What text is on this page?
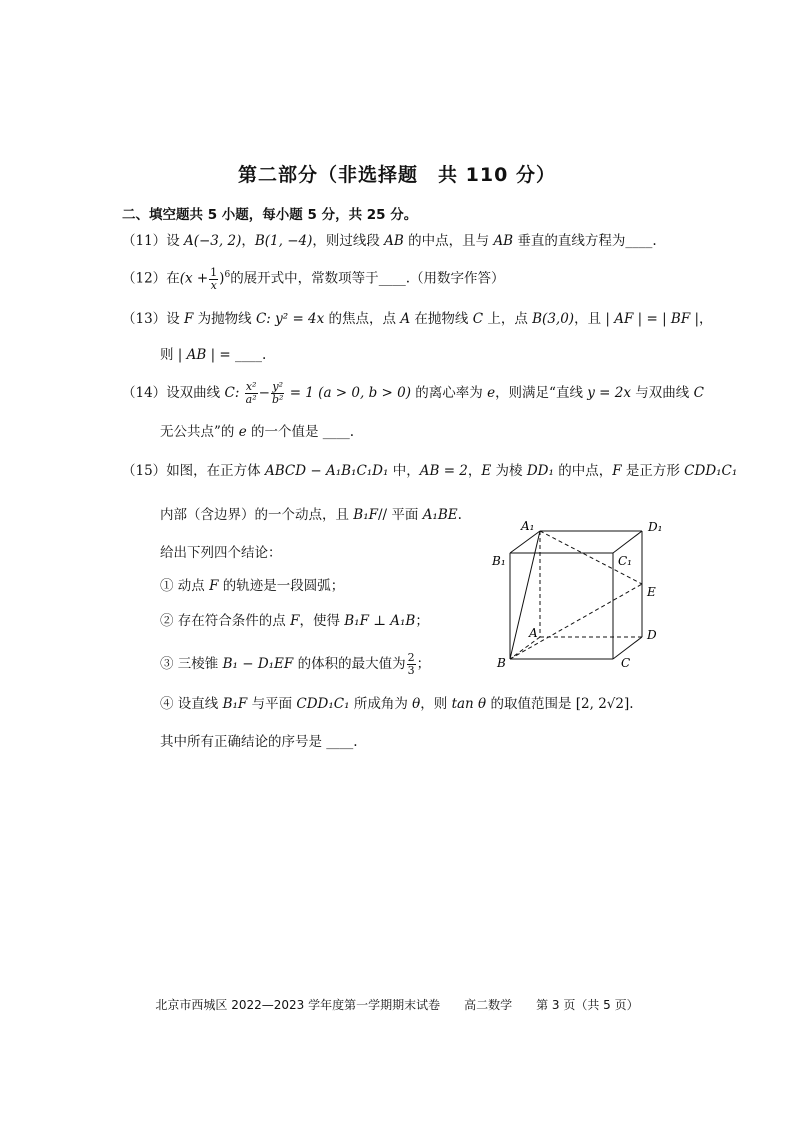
第二部分（非选择题　共 110 分）
二、填空题共 5 小题，每小题 5 分，共 25 分。
（11）设 A(−3, 2)，B(1, −4)，则过线段 AB 的中点，且与 AB 垂直的直线方程为____.
（12）在$(x + \frac{1}{x} )^6$的展开式中，常数项等于____.（用数字作答）
（13）设 F 为抛物线 C: y² = 4x 的焦点，点 A 在抛物线 C 上，点 B(3,0)，且 | AF | = | BF |，
则 | AB | = ____.
（14）设双曲线 C: $\frac{\text{x²}}{\text{a²}} - \frac{\text{y²}}{\text{b²}} = 1$ (a > 0, b > 0) 的离心率为 e，则满足“直线 y = 2x 与双曲线 C
无公共点”的 e 的一个值是 ____.
（15）如图，在正方体 ABCD − A₁B₁C₁D₁ 中，AB = 2，E 为棱 DD₁ 的中点，F 是正方形 CDD₁C₁
内部（含边界）的一个动点，且 B₁F// 平面 A₁BE.
给出下列四个结论：
① 动点 F 的轨迹是一段圆弧；
② 存在符合条件的点 F，使得 B₁F ⊥ A₁B；
③ 三棱锥 B₁ − D₁EF 的体积的最大值为 $\frac{2}{3}$ ；
④ 设直线 B₁F 与平面 CDD₁C₁ 所成角为 θ，则 tan θ 的取值范围是 [2, 2√2].
其中所有正确结论的序号是 ____.
A₁	D₁
B₁	C₁
E
A	D
B	C
北京市西城区 2022—2023 学年度第一学期期末试卷　　高二数学　　第 3 页（共 5 页）
